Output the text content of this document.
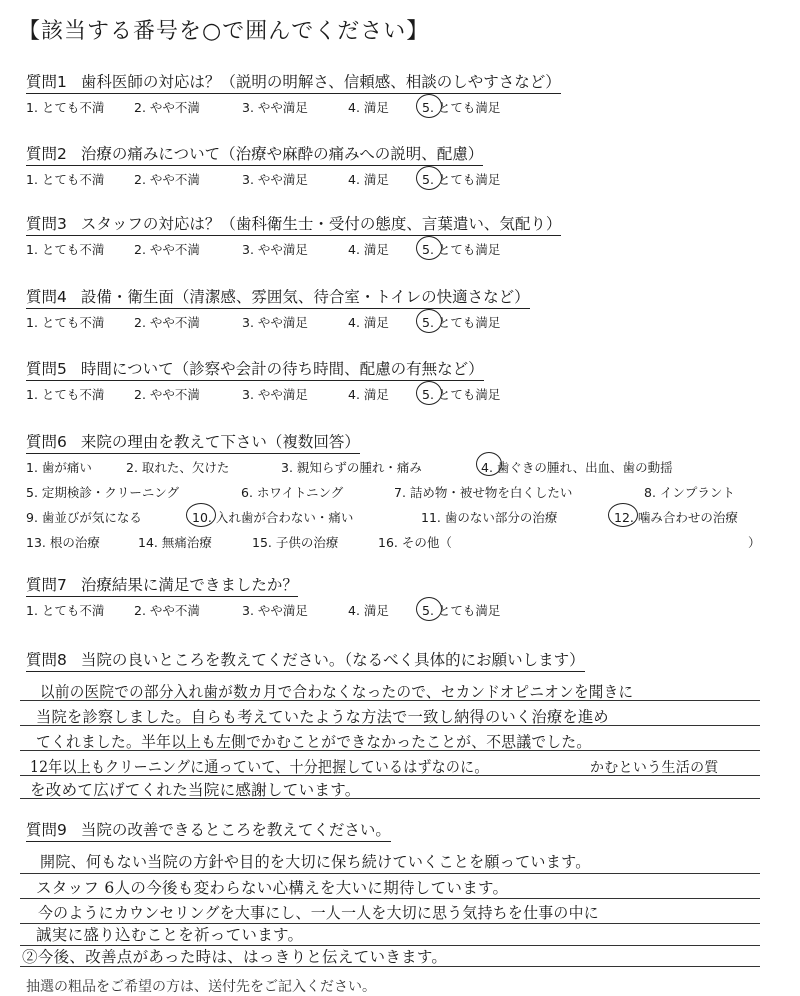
【該当する番号を○で囲んでください】
質問1 歯科医師の対応は？（説明の明解さ、信頼感、相談のしやすさなど）
1. とても不満 2. やや不満	3. やや満足	4. 満足	5. とても満足
質問2 治療の痛みについて（治療や麻酔の痛みへの説明、配慮）
1. とても不満 2. やや不満	3. やや満足	4. 満足	5. とても満足
質問3 スタッフの対応は？（歯科衛生士・受付の態度、言葉遣い、気配り）
1. とても不満 2. やや不満	3. やや満足	4. 満足	5. とても満足
質問4 設備・衛生面（清潔感、雰囲気、待合室・トイレの快適さなど）
1. とても不満 2. やや不満	3. やや満足	4. 満足	5. とても満足
質問5 時間について（診察や会計の待ち時間、配慮の有無など）
1. とても不満 2. やや不満	3. やや満足	4. 満足	5. とても満足
質問6 来院の理由を教えて下さい（複数回答）
1. 歯が痛い	2. 取れた、欠けた	3. 親知らずの腫れ・痛み	4. 歯ぐきの腫れ、出血、歯の動揺
5. 定期検診・クリーニング	6. ホワイトニング	7. 詰め物・被せ物を白くしたい	8. インプラント
9. 歯並びが気になる	10. 入れ歯が合わない・痛い	11. 歯のない部分の治療	12. 噛み合わせの治療
13. 根の治療	14. 無痛治療	15. 子供の治療	16. その他（	）
質問7 治療結果に満足できましたか？
1. とても不満 2. やや不満	3. やや満足	4. 満足	5. とても満足
質問8 当院の良いところを教えてください。（なるべく具体的にお願いします）
以前の医院での部分入れ歯が数カ月で合わなくなったので、セカンドオピニオンを聞きに
当院を診察しました。自らも考えていたような方法で一致し納得のいく治療を進め
てくれました。半年以上も左側でかむことができなかったことが、不思議でした。
12年以上もクリーニングに通っていて、十分把握しているはずなのに。	かむという生活の質
を改めて広げてくれた当院に感謝しています。
質問9 当院の改善できるところを教えてください。
開院、何もない当院の方針や目的を大切に保ち続けていくことを願っています。
スタッフ 6人の今後も変わらない心構えを大いに期待しています。
今のようにカウンセリングを大事にし、一人一人を大切に思う気持ちを仕事の中に
誠実に盛り込むことを祈っています。
②今後、改善点があった時は、はっきりと伝えていきます。
抽選の粗品をご希望の方は、送付先をご記入ください。
